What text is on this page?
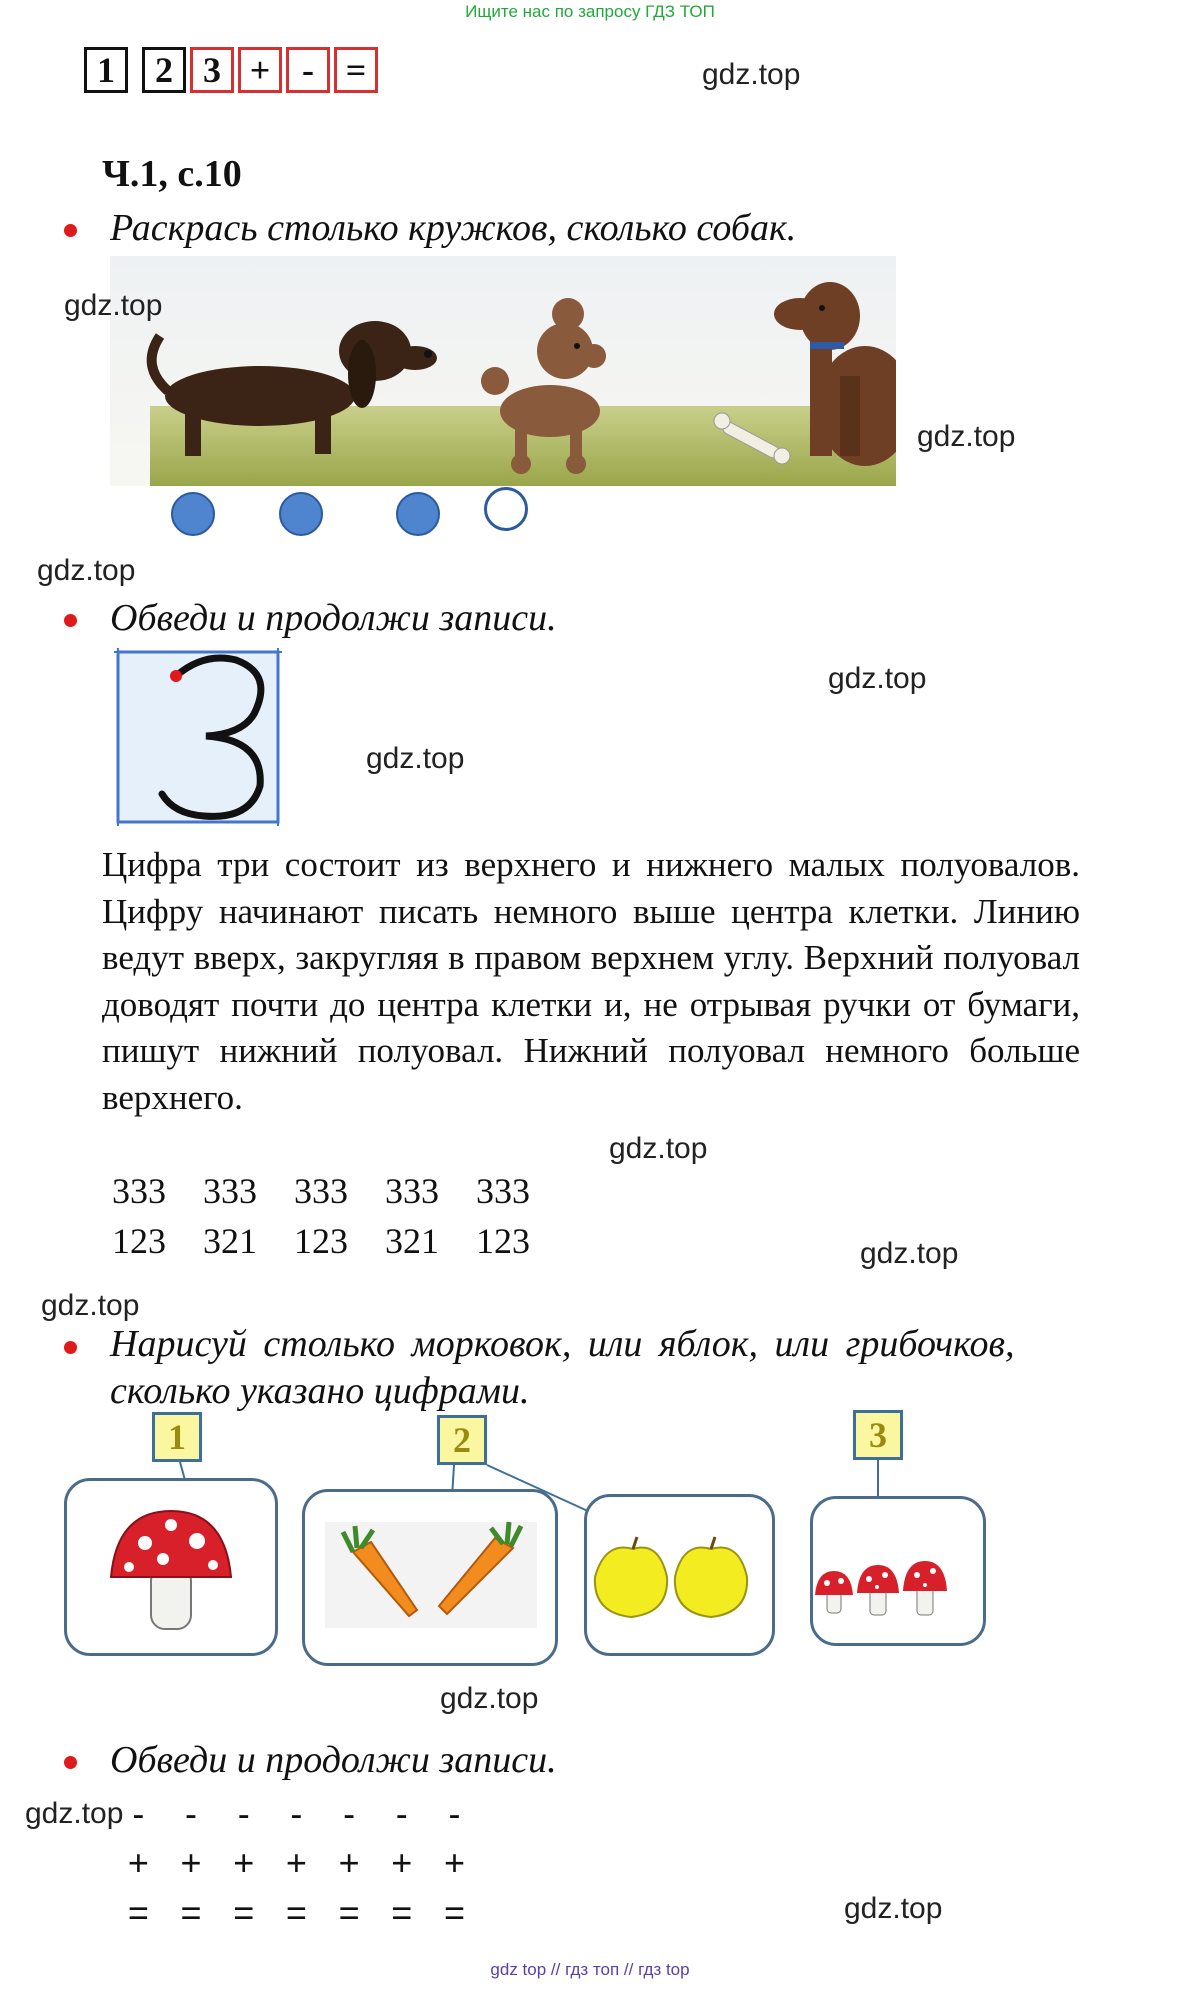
Ищите нас по запросу ГДЗ ТОП
1	2 3 + - =	gdz.top
Ч.1, с.10
Раскрась столько кружков, сколько собак.
gdz.top
gdz.top
gdz.top
Обведи и продолжи записи.
gdz.top
gdz.top
Цифра три состоит из верхнего и нижнего малых полуовалов. Цифру начинают писать немного выше центра клетки. Линию ведут вверх, закругляя в правом верхнем углу. Верхний полуовал доводят почти до центра клетки и, не отрывая ручки от бумаги, пишут нижний полуовал. Нижний полуовал немного больше верхнего.
gdz.top
333 333 333 333 333
123 321 123 321 123	gdz.top
gdz.top
Нарисуй столько морковок, или яблок, или грибочков,
сколько указано цифрами.
1	2	3
gdz.top
Обведи и продолжи записи.
gdz.top - - - - - - -
+ + + + + + +
= = = = = = =	gdz.top
gdz top // гдз топ // гдз top
